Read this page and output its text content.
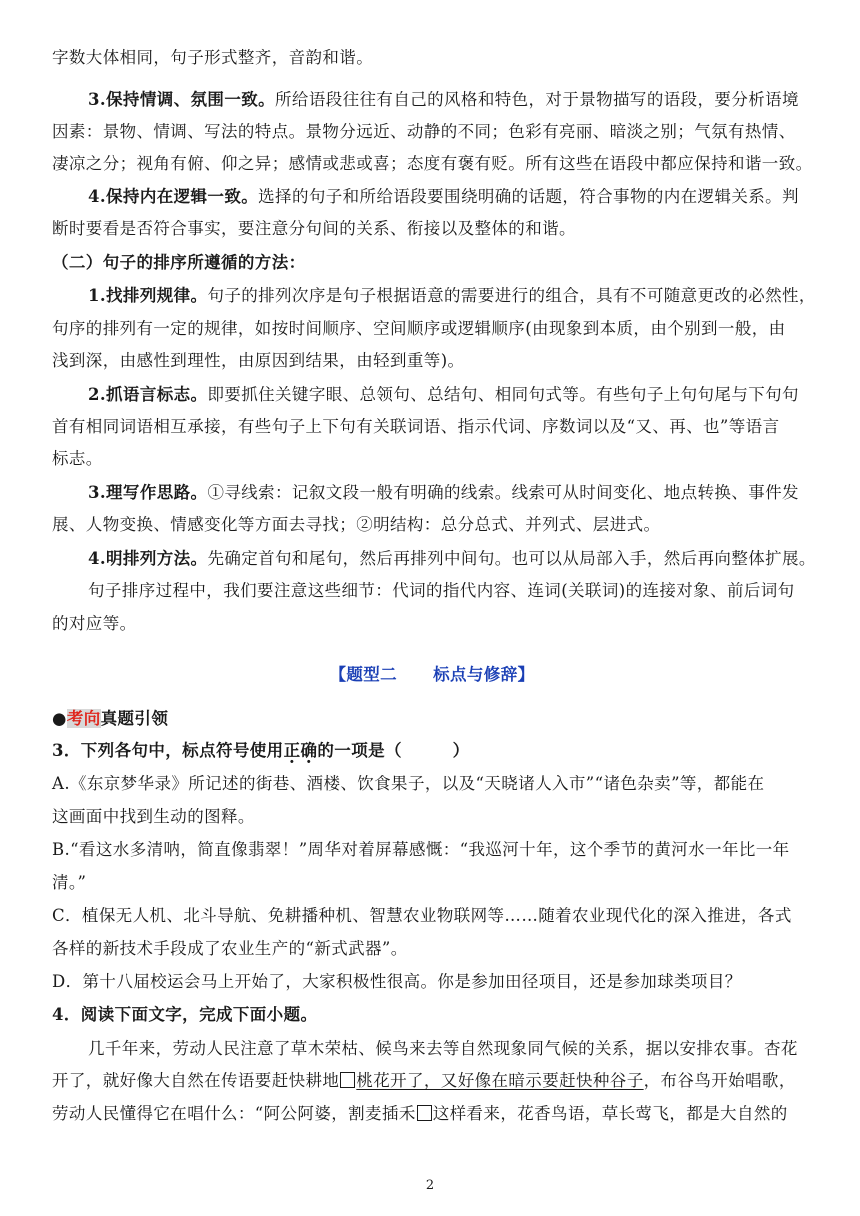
字数大体相同，句子形式整齐，音韵和谐。
3.保持情调、氛围一致。所给语段往往有自己的风格和特色，对于景物描写的语段，要分析语境
因素：景物、情调、写法的特点。景物分远近、动静的不同；色彩有亮丽、暗淡之别；气氛有热情、
凄凉之分；视角有俯、仰之异；感情或悲或喜；态度有褒有贬。所有这些在语段中都应保持和谐一致。
4.保持内在逻辑一致。选择的句子和所给语段要围绕明确的话题，符合事物的内在逻辑关系。判
断时要看是否符合事实，要注意分句间的关系、衔接以及整体的和谐。
（二）句子的排序所遵循的方法：
1.找排列规律。句子的排列次序是句子根据语意的需要进行的组合，具有不可随意更改的必然性，
句序的排列有一定的规律，如按时间顺序、空间顺序或逻辑顺序(由现象到本质，由个别到一般，由
浅到深，由感性到理性，由原因到结果，由轻到重等)。
2.抓语言标志。即要抓住关键字眼、总领句、总结句、相同句式等。有些句子上句句尾与下句句
首有相同词语相互承接，有些句子上下句有关联词语、指示代词、序数词以及“又、再、也”等语言
标志。
3.理写作思路。①寻线索：记叙文段一般有明确的线索。线索可从时间变化、地点转换、事件发
展、人物变换、情感变化等方面去寻找；②明结构：总分总式、并列式、层进式。
4.明排列方法。先确定首句和尾句，然后再排列中间句。也可以从局部入手，然后再向整体扩展。
句子排序过程中，我们要注意这些细节：代词的指代内容、连词(关联词)的连接对象、前后词句
的对应等。
【题型二 标点与修辞】
●考向真题引领
3．下列各句中，标点符号使用正确的一项是（　　　）
A.《东京梦华录》所记述的街巷、酒楼、饮食果子，以及“天晓诸人入市”“诸色杂卖”等，都能在
这画面中找到生动的图释。
B.“看这水多清呐，简直像翡翠！”周华对着屏幕感慨：“我巡河十年，这个季节的黄河水一年比一年
清。”
C．植保无人机、北斗导航、免耕播种机、智慧农业物联网等……随着农业现代化的深入推进，各式
各样的新技术手段成了农业生产的“新式武器”。
D．第十八届校运会马上开始了，大家积极性很高。你是参加田径项目，还是参加球类项目？
4．阅读下面文字，完成下面小题。
几千年来，劳动人民注意了草木荣枯、候鸟来去等自然现象同气候的关系，据以安排农事。杏花
开了，就好像大自然在传语要赶快耕地 桃花开了，又好像在暗示要赶快种谷子，布谷鸟开始唱歌，
劳动人民懂得它在唱什么：“阿公阿婆，割麦插禾 这样看来，花香鸟语，草长莺飞，都是大自然的
2
